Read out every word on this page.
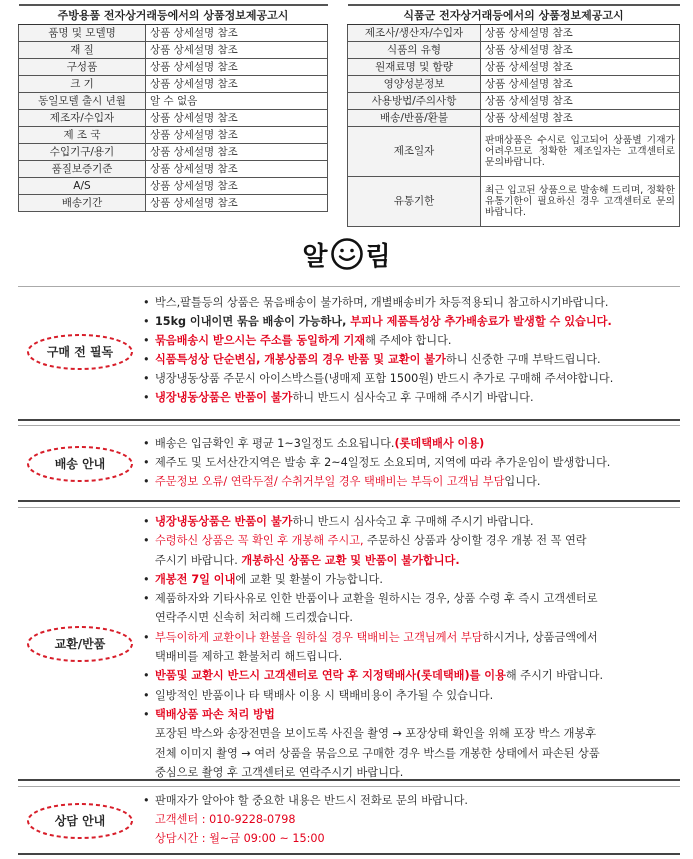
주방용품 전자상거래등에서의 상품정보제공고시	
품명 및 모델명	상품 상세설명 참조
재 질	상품 상세설명 참조
구성품	상품 상세설명 참조
크 기	상품 상세설명 참조
동일모델 출시 년월	알 수 없음
제조자/수입자	상품 상세설명 참조
제 조 국	상품 상세설명 참조
수입기구/용기	상품 상세설명 참조
품질보증기준	상품 상세설명 참조
A/S	상품 상세설명 참조
배송기간	상품 상세설명 참조
식품군 전자상거래등에서의 상품정보제공고시	
제조사/생산자/수입자	상품 상세설명 참조
식품의 유형	상품 상세설명 참조
원재료명 및 함량	상품 상세설명 참조
영양성분정보	상품 상세설명 참조
사용방법/주의사항	상품 상세설명 참조
배송/반품/환불	상품 상세설명 참조
제조일자	판매상품은 수시로 입고되어 상품별 기재가 어려우므로 정확한 제조일자는 고객센터로 문의바랍니다.
유통기한	최근 입고된 상품으로 발송해 드리며, 정확한 유통기한이 필요하신 경우 고객센터로 문의바랍니다.
알 림
구매 전 필독
• 박스,팔틀등의 상품은 묶음배송이 불가하며, 개별배송비가 차등적용되니 참고하시기바랍니다.
• 15kg 이내이면 묶음 배송이 가능하나, 부피나 제품특성상 추가배송료가 발생할 수 있습니다.
• 묶음배송시 받으시는 주소를 동일하게 기재해 주세야 합니다.
• 식품특성상 단순변심, 개봉상품의 경우 반품 및 교환이 불가하니 신중한 구매 부탁드립니다.
• 냉장냉동상품 주문시 아이스박스를(냉매제 포함 1500원) 반드시 추가로 구매해 주셔야합니다.
• 냉장냉동상품은 반품이 불가하니 반드시 심사숙고 후 구매해 주시기 바랍니다.
배송 안내
• 배송은 입금확인 후 평균 1~3일정도 소요됩니다.(롯데택배사 이용)
• 제주도 및 도서산간지역은 발송 후 2~4일정도 소요되며, 지역에 따라 추가운임이 발생합니다.
• 주문정보 오류/ 연락두절/ 수취거부일 경우 택배비는 부득이 고객님 부담입니다.
교환/반품
• 냉장냉동상품은 반품이 불가하니 반드시 심사숙고 후 구매해 주시기 바랍니다.
• 수령하신 상품은 꼭 확인 후 개봉해 주시고, 주문하신 상품과 상이할 경우 개봉 전 꼭 연락
주시기 바랍니다. 개봉하신 상품은 교환 및 반품이 불가합니다.
• 개봉전 7일 이내에 교환 및 환불이 가능합니다.
• 제품하자와 기타사유로 인한 반품이나 교환을 원하시는 경우, 상품 수령 후 즉시 고객센터로
연락주시면 신속히 처리해 드리겠습니다.
• 부득이하게 교환이나 환불을 원하실 경우 택배비는 고객님께서 부담하시거나, 상품금액에서
택배비를 제하고 환불처리 해드립니다.
• 반품및 교환시 반드시 고객센터로 연락 후 지정택배사(롯데택배)를 이용해 주시기 바랍니다.
• 일방적인 반품이나 타 택배사 이용 시 택배비용이 추가될 수 있습니다.
• 택배상품 파손 처리 방법
포장된 박스와 송장전면을 보이도록 사진을 촬영 → 포장상태 확인을 위해 포장 박스 개봉후
전체 이미지 촬영 → 여러 상품을 묶음으로 구매한 경우 박스를 개봉한 상태에서 파손된 상품
중심으로 촬영 후 고객센터로 연락주시기 바랍니다.
상담 안내
• 판매자가 알아야 할 중요한 내용은 반드시 전화로 문의 바랍니다.
고객센터 : 010-9228-0798
상담시간 : 월~금 09:00 ~ 15:00
